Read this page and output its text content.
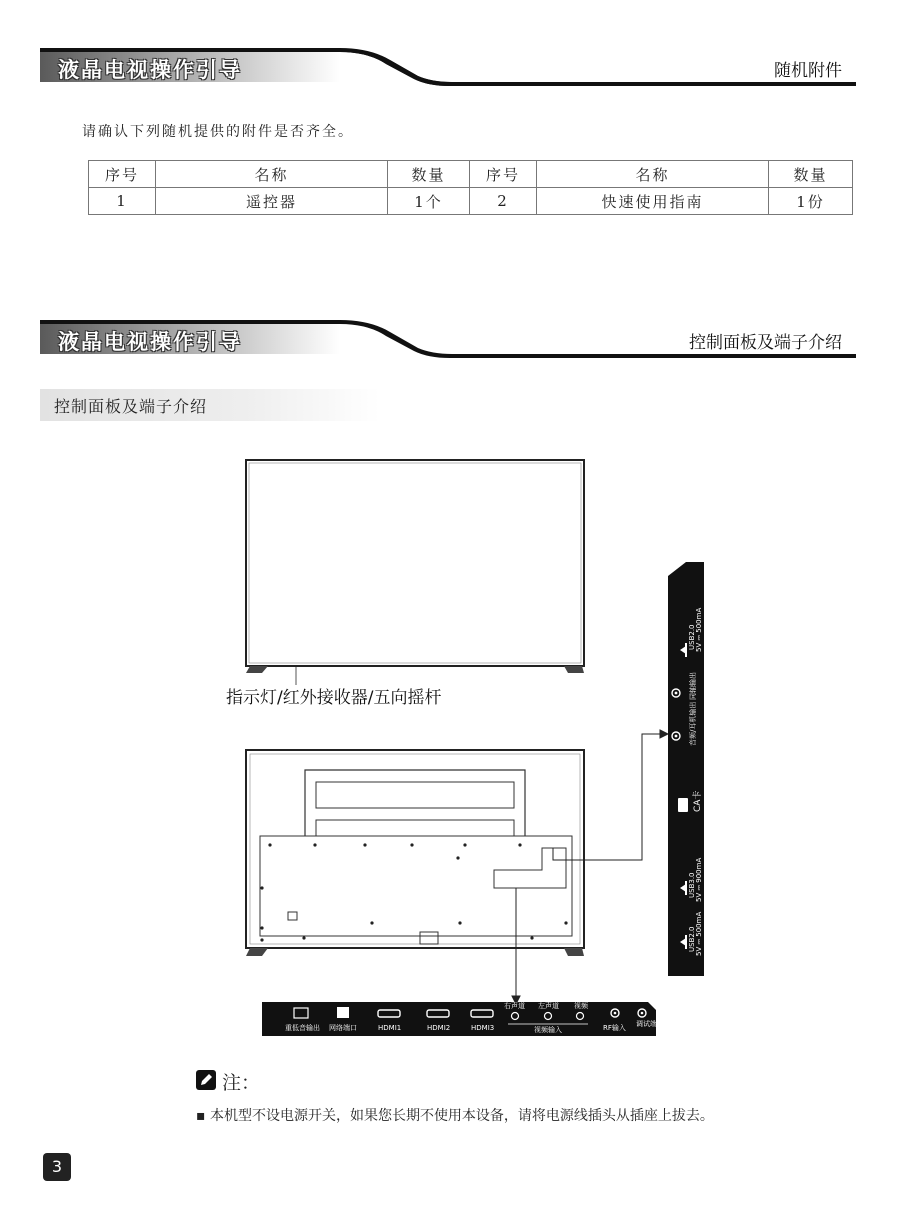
液晶电视操作引导	随机附件
请确认下列随机提供的附件是否齐全。
序号	名称	数量	序号	名称	数量
1	遥控器	1个	2	快速使用指南	1份
液晶电视操作引导	控制面板及端子介绍
控制面板及端子介绍
USB2.0 5V ⎓ 500mA
同轴输出
音频/耳机输出
CA卡
USB3.0 5V ⎓ 900mA
USB2.0 5V ⎓ 500mA
重低音输出 网络端口	HDMI1	HDMI2	HDMI3	视频输入	RF输入 调试端口
右声道 左声道 视频
指示灯/红外接收器/五向摇杆
注：
▪ 本机型不设电源开关，如果您长期不使用本设备，请将电源线插头从插座上拔去。
3
